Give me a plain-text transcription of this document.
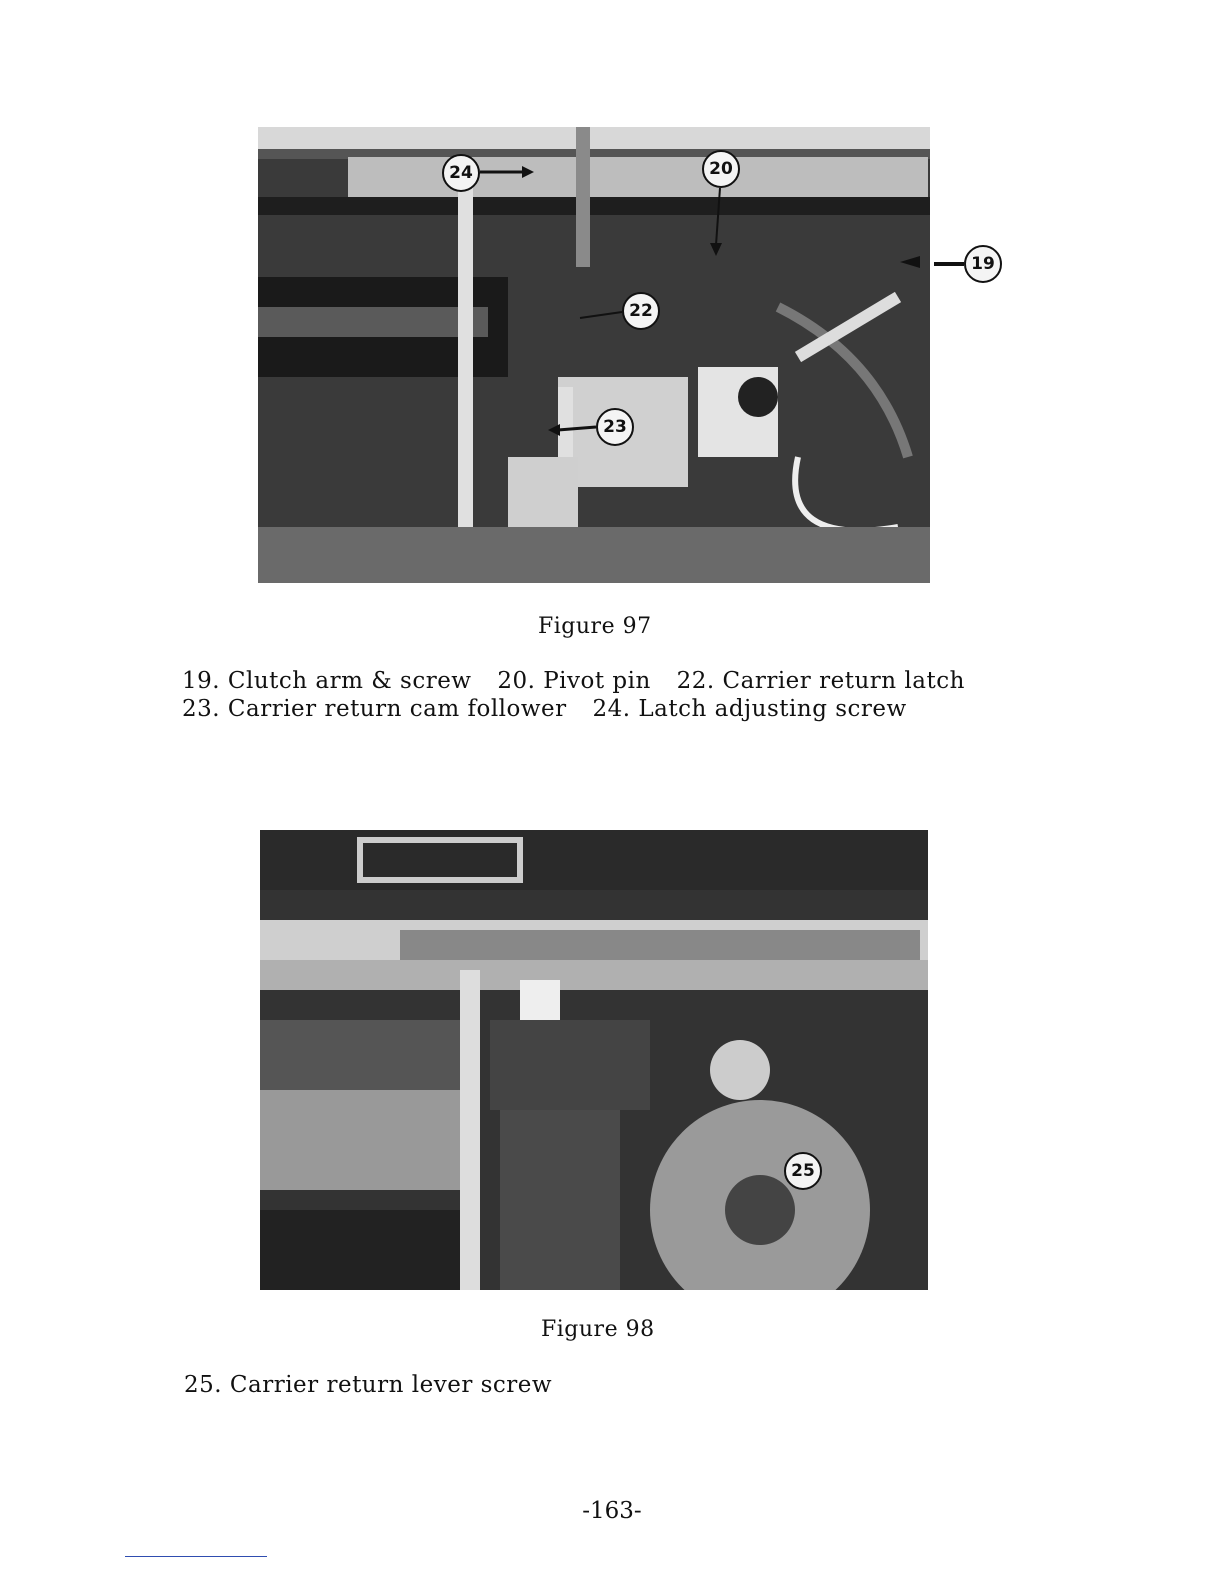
24	20
19
22
23
Figure 97
19. Clutch arm & screw 20. Pivot pin 22. Carrier return latch
23. Carrier return cam follower 24. Latch adjusting screw
25
Figure 98
25. Carrier return lever screw
-163-
